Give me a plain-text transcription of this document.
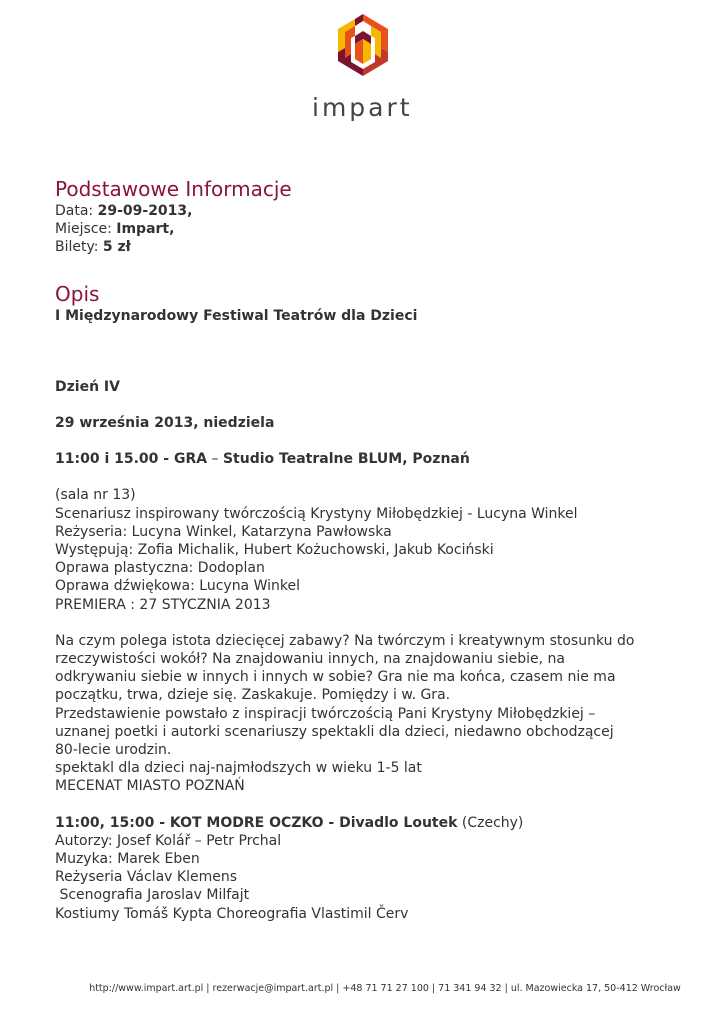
impart
Podstawowe Informacje
Data: 29-09-2013,
Miejsce: Impart,
Bilety: 5 zł
Opis
I Międzynarodowy Festiwal Teatrów dla Dzieci
Dzień IV
29 września 2013, niedziela
11:00 i 15.00 - GRA – Studio Teatralne BLUM, Poznań
(sala nr 13)
Scenariusz inspirowany twórczością Krystyny Miłobędzkiej - Lucyna Winkel
Reżyseria: Lucyna Winkel, Katarzyna Pawłowska
Występują: Zofia Michalik, Hubert Kożuchowski, Jakub Kociński
Oprawa plastyczna: Dodoplan
Oprawa dźwiękowa: Lucyna Winkel
PREMIERA : 27 STYCZNIA 2013
Na czym polega istota dziecięcej zabawy? Na twórczym i kreatywnym stosunku do
rzeczywistości wokół? Na znajdowaniu innych, na znajdowaniu siebie, na
odkrywaniu siebie w innych i innych w sobie? Gra nie ma końca, czasem nie ma
początku, trwa, dzieje się. Zaskakuje. Pomiędzy i w. Gra.
Przedstawienie powstało z inspiracji twórczością Pani Krystyny Miłobędzkiej –
uznanej poetki i autorki scenariuszy spektakli dla dzieci, niedawno obchodzącej
80-lecie urodzin.
spektakl dla dzieci naj-najmłodszych w wieku 1-5 lat
MECENAT MIASTO POZNAŃ
11:00, 15:00 - KOT MODRE OCZKO - Divadlo Loutek (Czechy)
Autorzy: Josef Kolář – Petr Prchal
Muzyka: Marek Eben
Reżyseria Václav Klemens
Scenografia Jaroslav Milfajt
Kostiumy Tomáš Kypta Choreografia Vlastimil Červ
http://www.impart.art.pl | rezerwacje@impart.art.pl | +48 71 71 27 100 | 71 341 94 32 | ul. Mazowiecka 17, 50-412 Wrocław
